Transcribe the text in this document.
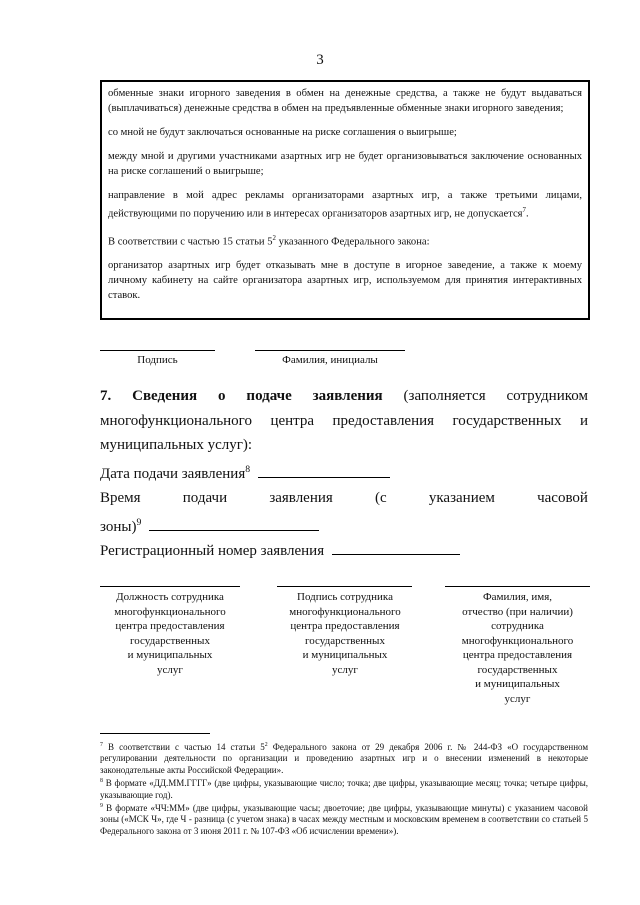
3

обменные знаки игорного заведения в обмен на денежные средства, а также не будут выдаваться (выплачиваться) денежные средства в обмен на предъявленные обменные знаки игорного заведения;

со мной не будут заключаться основанные на риске соглашения о выигрыше;

между мной и другими участниками азартных игр не будет организовываться заключение основанных на риске соглашений о выигрыше;

направление в мой адрес рекламы организаторами азартных игр, а также третьими лицами, действующими по поручению или в интересах организаторов азартных игр, не допускается$^7$.

В соответствии с частью 15 статьи $5^2$ указанного Федерального закона:

организатор азартных игр будет отказывать мне в доступе в игорное заведение, а также к моему личному кабинету на сайте организатора азартных игр, используемом для принятия интерактивных ставок.

Подпись	Фамилия, инициалы
7. Сведения о подаче заявления (заполняется сотрудником
многофункционального центра предоставления государственных и
муниципальных услуг):
Дата подачи заявления$^8$
Время	подачи	заявления	(с	указанием	часовой
зоны)$^9$
Регистрационный номер заявления
Должность сотрудника
многофункционального
центра предоставления
государственных
и муниципальных
услуг
Подпись сотрудника
многофункционального
центра предоставления
государственных
и муниципальных
услуг
Фамилия, имя,
отчество (при наличии)
сотрудника
многофункционального
центра предоставления
государственных
и муниципальных
услуг

$^7$ В соответствии с частью 14 статьи $5^2$ Федерального закона от 29 декабря 2006 г. № 244-ФЗ «О государственном регулировании деятельности по организации и проведению азартных игр и о внесении изменений в некоторые законодательные акты Российской Федерации».

$^8$ В формате «ДД.ММ.ГГГГ» (две цифры, указывающие число; точка; две цифры, указывающие месяц; точка; четыре цифры, указывающие год).

$^9$ В формате «ЧЧ:ММ» (две цифры, указывающие часы; двоеточие; две цифры, указывающие минуты) с указанием часовой зоны («МСК Ч», где Ч - разница (с учетом знака) в часах между местным и московским временем в соответствии со статьей 5 Федерального закона от 3 июня 2011 г. № 107-ФЗ «Об исчислении времени»).
